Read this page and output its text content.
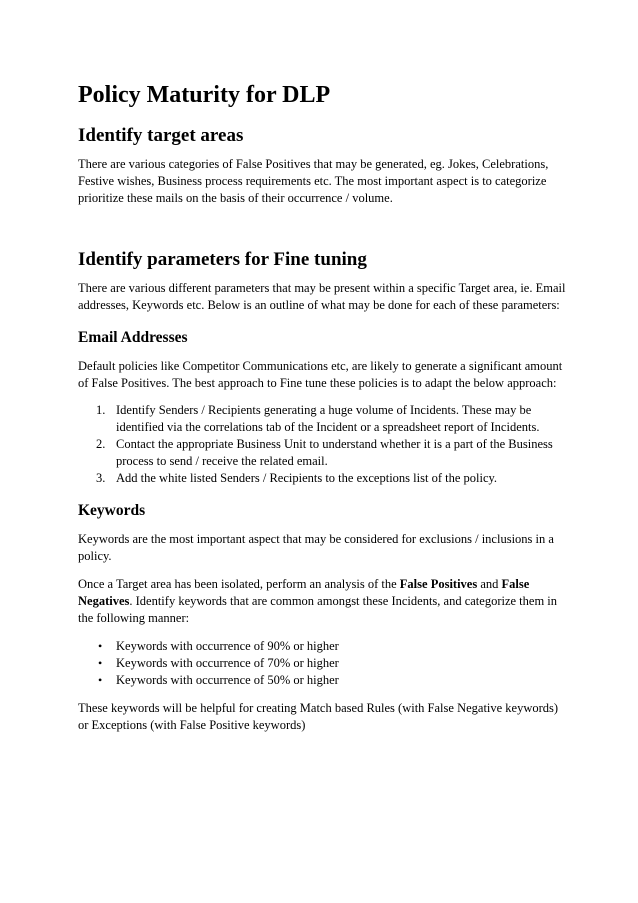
Policy Maturity for DLP
Identify target areas

There are various categories of False Positives that may be generated, eg. Jokes, Celebrations, Festive wishes, Business process requirements etc. The most important aspect is to categorize prioritize these mails on the basis of their occurrence / volume.

Identify parameters for Fine tuning

There are various different parameters that may be present within a specific Target area, ie. Email addresses, Keywords etc. Below is an outline of what may be done for each of these parameters:

Email Addresses

Default policies like Competitor Communications etc, are likely to generate a significant amount of False Positives. The best approach to Fine tune these policies is to adapt the below approach:

1. Identify Senders / Recipients generating a huge volume of Incidents. These may be identified via the correlations tab of the Incident or a spreadsheet report of Incidents.
2. Contact the appropriate Business Unit to understand whether it is a part of the Business process to send / receive the related email.
3. Add the white listed Senders / Recipients to the exceptions list of the policy.
Keywords

Keywords are the most important aspect that may be considered for exclusions / inclusions in a policy.

Once a Target area has been isolated, perform an analysis of the False Positives and False Negatives. Identify keywords that are common amongst these Incidents, and categorize them in the following manner:

• Keywords with occurrence of 90% or higher
• Keywords with occurrence of 70% or higher
• Keywords with occurrence of 50% or higher

These keywords will be helpful for creating Match based Rules (with False Negative keywords) or Exceptions (with False Positive keywords)
